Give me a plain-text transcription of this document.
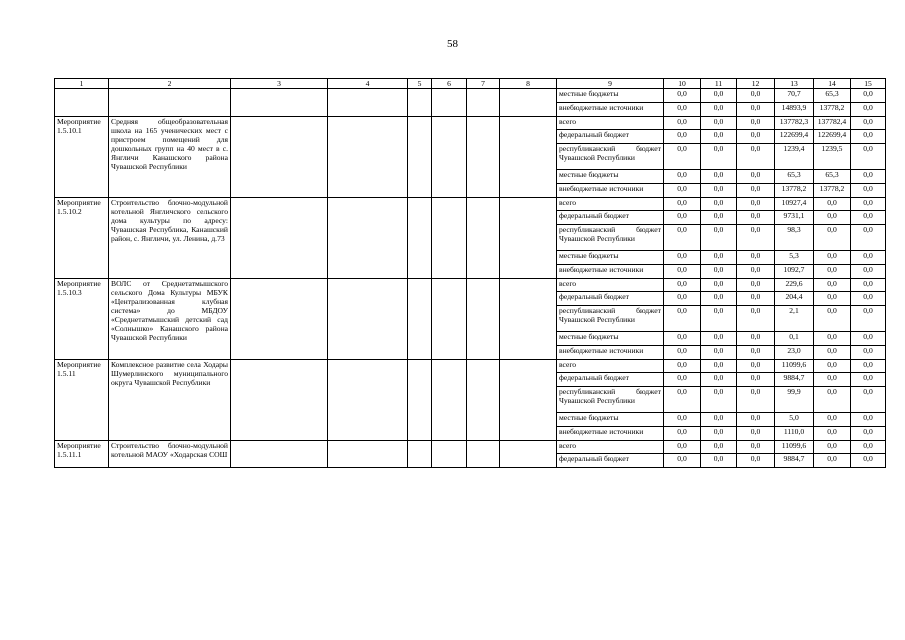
58
1	2	3	4	5	6	7	8	9	10	11	12	13	14	15
								местные бюджеты	0,0	0,0	0,0	70,7	65,3	0,0
								внебюджетные источники	0,0	0,0	0,0	14893,9	13778,2	0,0
Мероприятие 1.5.10.1	Средняя общеобразовательная школа на 165 ученических мест с пристроем помещений для дошкольных групп на 40 мест в с. Янгличи Канашского района Чувашской Республики							всего	0,0	0,0	0,0	137782,3	137782,4	0,0
								федеральный бюджет	0,0	0,0	0,0	122699,4	122699,4	0,0
								республиканский бюджет Чувашской Республики	0,0	0,0	0,0	1239,4	1239,5	0,0
								местные бюджеты	0,0	0,0	0,0	65,3	65,3	0,0
								внебюджетные источники	0,0	0,0	0,0	13778,2	13778,2	0,0
Мероприятие 1.5.10.2	Строительство блочно-модульной котельной Янгличского сельского дома культуры по адресу: Чувашская Республика, Канашский район, с. Янгличи, ул. Ленина, д.73							всего	0,0	0,0	0,0	10927,4	0,0	0,0
								федеральный бюджет	0,0	0,0	0,0	9731,1	0,0	0,0
								республиканский бюджет Чувашской Республики	0,0	0,0	0,0	98,3	0,0	0,0
								местные бюджеты	0,0	0,0	0,0	5,3	0,0	0,0
								внебюджетные источники	0,0	0,0	0,0	1092,7	0,0	0,0
Мероприятие 1.5.10.3	ВОЛС от Среднетатмышского сельского Дома Культуры МБУК «Централизованная клубная система» до МБДОУ «Среднетатмышский детский сад «Солнышко» Канашского района Чувашской Республики							всего	0,0	0,0	0,0	229,6	0,0	0,0
								федеральный бюджет	0,0	0,0	0,0	204,4	0,0	0,0
								республиканский бюджет Чувашской Республики	0,0	0,0	0,0	2,1	0,0	0,0
								местные бюджеты	0,0	0,0	0,0	0,1	0,0	0,0
								внебюджетные источники	0,0	0,0	0,0	23,0	0,0	0,0
Мероприятие 1.5.11	Комплексное развитие села Ходары Шумерлинского муниципального округа Чувашской Республики							всего	0,0	0,0	0,0	11099,6	0,0	0,0
								федеральный бюджет	0,0	0,0	0,0	9884,7	0,0	0,0
								республиканский бюджет Чувашской Республики	0,0	0,0	0,0	99,9	0,0	0,0
								местные бюджеты	0,0	0,0	0,0	5,0	0,0	0,0
								внебюджетные источники	0,0	0,0	0,0	1110,0	0,0	0,0
Мероприятие 1.5.11.1	Строительство блочно-модульной котельной МАОУ «Ходарская СОШ							всего	0,0	0,0	0,0	11099,6	0,0	0,0
								федеральный бюджет	0,0	0,0	0,0	9884,7	0,0	0,0
